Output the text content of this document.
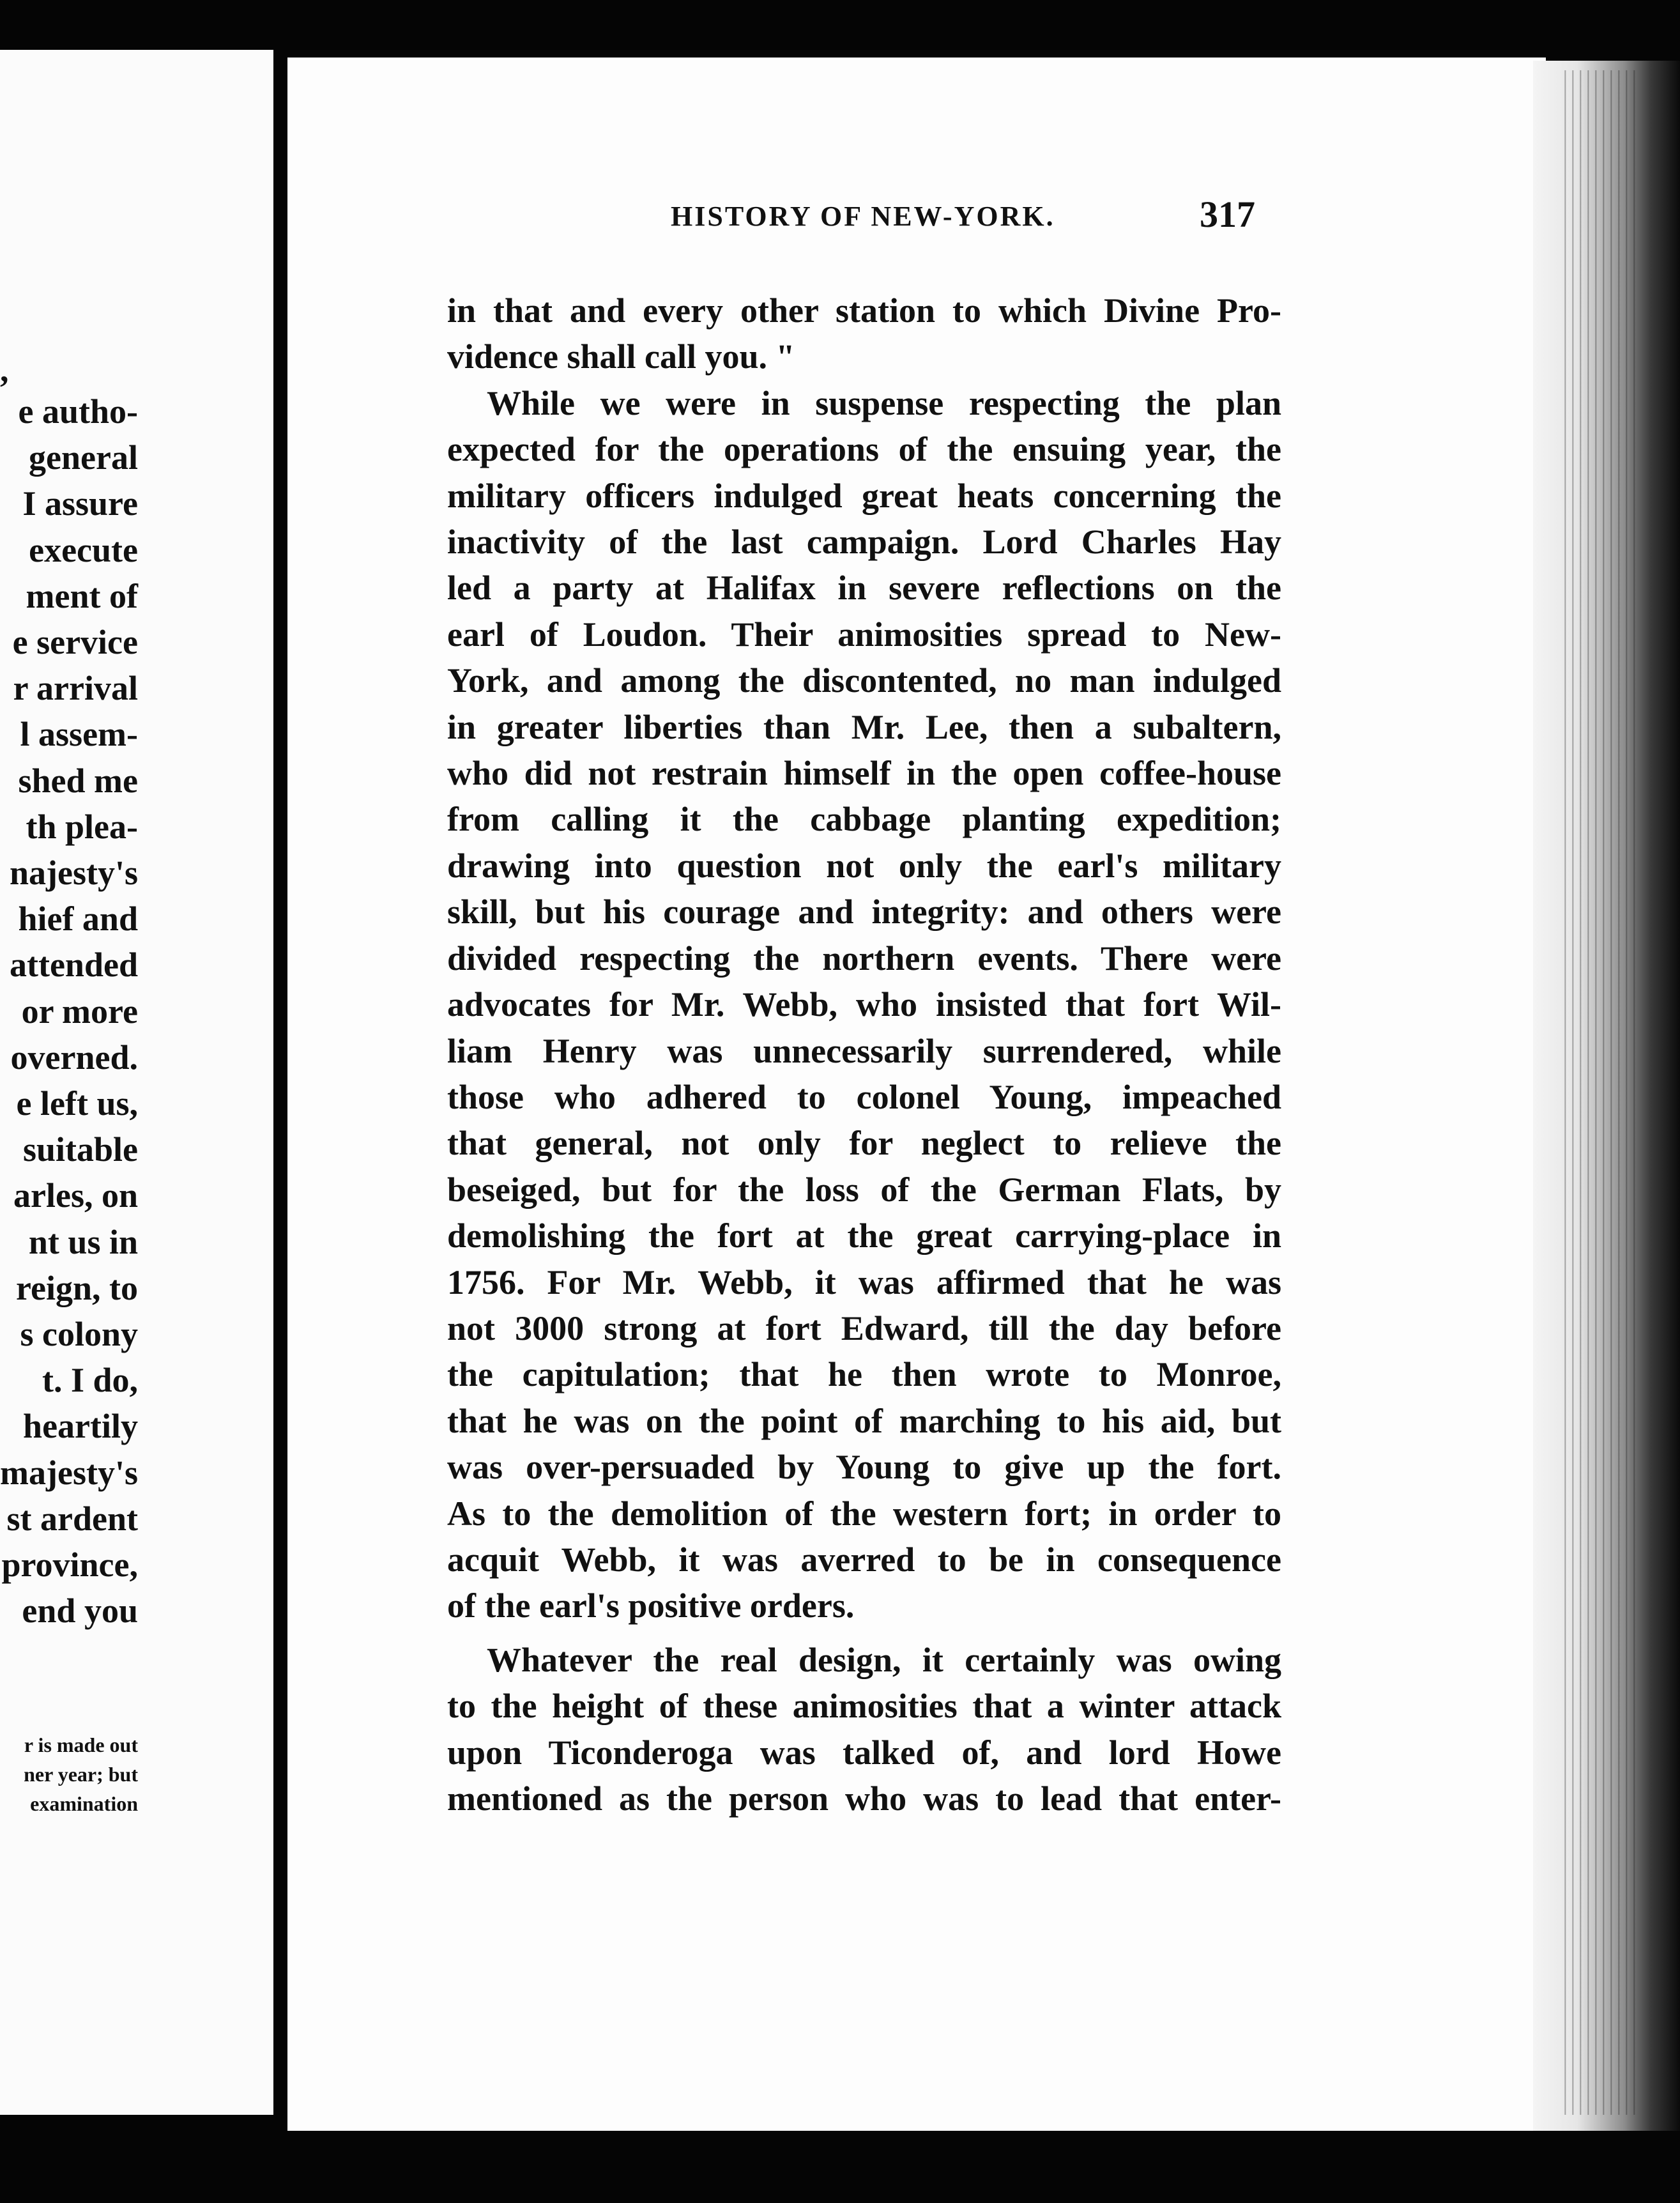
,
e autho-
general
I assure
execute
ment of
e service
r arrival
l assem-
shed me
th plea-
najesty's
hief and
attended
or more
overned.
e left us,
suitable
arles, on
nt us in
reign, to
s colony
t. I do,
heartily
majesty's
st ardent
province,
end you
r is made out
ner year; but
examination
HISTORY OF NEW-YORK.	317
in that and every other station to which Divine Pro-
vidence shall call you. "
While we were in suspense respecting the plan
expected for the operations of the ensuing year, the
military officers indulged great heats concerning the
inactivity of the last campaign. Lord Charles Hay
led a party at Halifax in severe reflections on the
earl of Loudon. Their animosities spread to New-
York, and among the discontented, no man indulged
in greater liberties than Mr. Lee, then a subaltern,
who did not restrain himself in the open coffee-house
from calling it the cabbage planting expedition;
drawing into question not only the earl's military
skill, but his courage and integrity: and others were
divided respecting the northern events. There were
advocates for Mr. Webb, who insisted that fort Wil-
liam Henry was unnecessarily surrendered, while
those who adhered to colonel Young, impeached
that general, not only for neglect to relieve the
beseiged, but for the loss of the German Flats, by
demolishing the fort at the great carrying-place in
1756. For Mr. Webb, it was affirmed that he was
not 3000 strong at fort Edward, till the day before
the capitulation; that he then wrote to Monroe,
that he was on the point of marching to his aid, but
was over-persuaded by Young to give up the fort.
As to the demolition of the western fort; in order to
acquit Webb, it was averred to be in consequence
of the earl's positive orders.
Whatever the real design, it certainly was owing
to the height of these animosities that a winter attack
upon Ticonderoga was talked of, and lord Howe
mentioned as the person who was to lead that enter-
